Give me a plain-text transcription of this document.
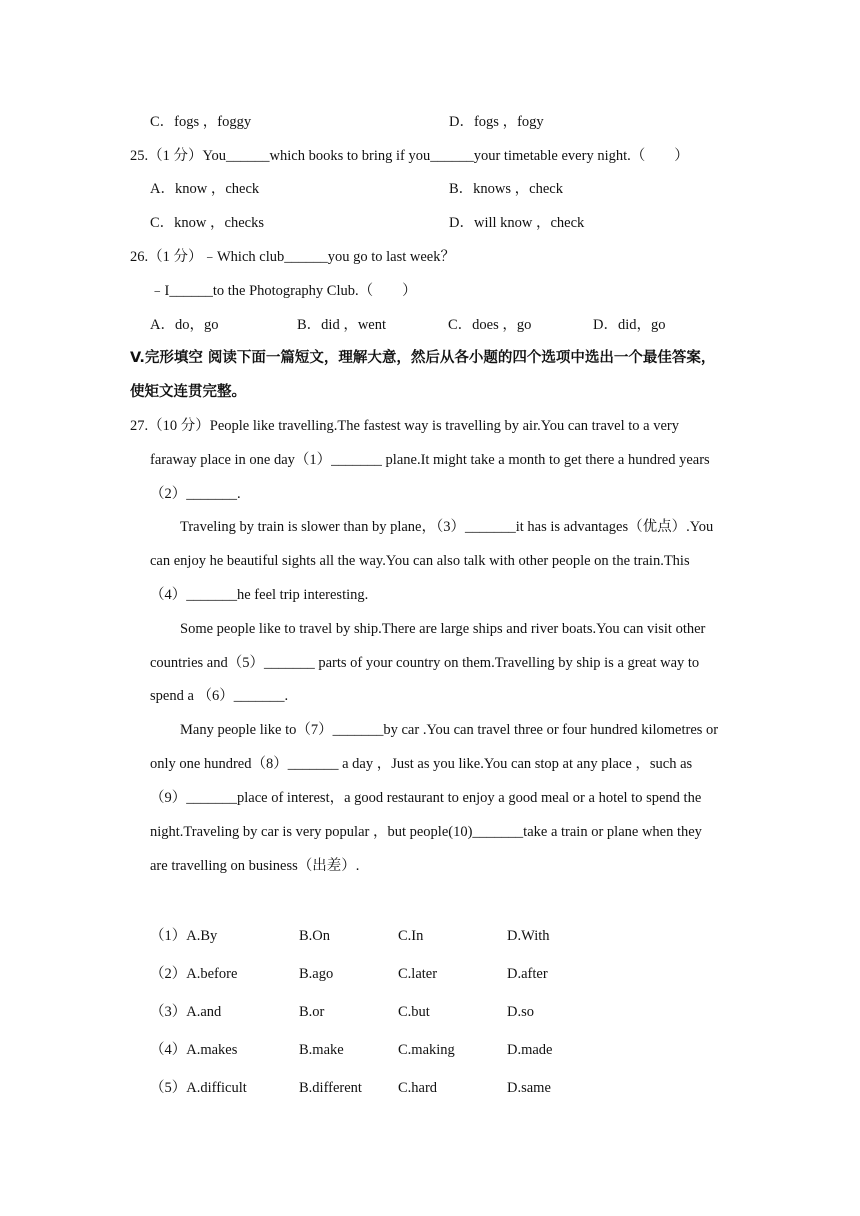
C．fogs ，foggy	D．fogs ，fogy
25.（1 分）You______which books to bring if you______your timetable every night.（　　）
A．know ，check	B．knows ，check
C．know ，checks	D．will know ，check
26.（1 分）﹣Which club______you go to last week？
﹣I______to the Photography Club.（　　）
A．do，go	B．did ，went	C．does ，go	D．did，go
V.完形填空 阅读下面一篇短文，理解大意，然后从各小题的四个选项中选出一个最佳答案，
使矩文连贯完整。
27.（10 分）People like travelling.The fastest way is travelling by air.You can travel to a very
faraway place in one day（1）_______ plane.It might take a month to get there a hundred years
（2）_______.
Traveling by train is slower than by plane，（3）_______it has is advantages（优点）.You
can enjoy he beautiful sights all the way.You can also talk with other people on the train.This
（4）_______he feel trip interesting.
Some people like to travel by ship.There are large ships and river boats.You can visit other
countries and（5）_______ parts of your country on them.Travelling by ship is a great way to
spend a （6）_______.
Many people like to（7）_______by car .You can travel three or four hundred kilometres or
only one hundred（8）_______ a day ，Just as you like.You can stop at any place ，such as
（9）_______place of interest，a good restaurant to enjoy a good meal or a hotel to spend the
night.Traveling by car is very popular ，but people(10)_______take a train or plane when they
are travelling on business（出差）.
（1）A.By	B.On	C.In	D.With
（2）A.before	B.ago	C.later	D.after
（3）A.and	B.or	C.but	D.so
（4）A.makes	B.make	C.making	D.made
（5）A.difficult	B.different C.hard	D.same
